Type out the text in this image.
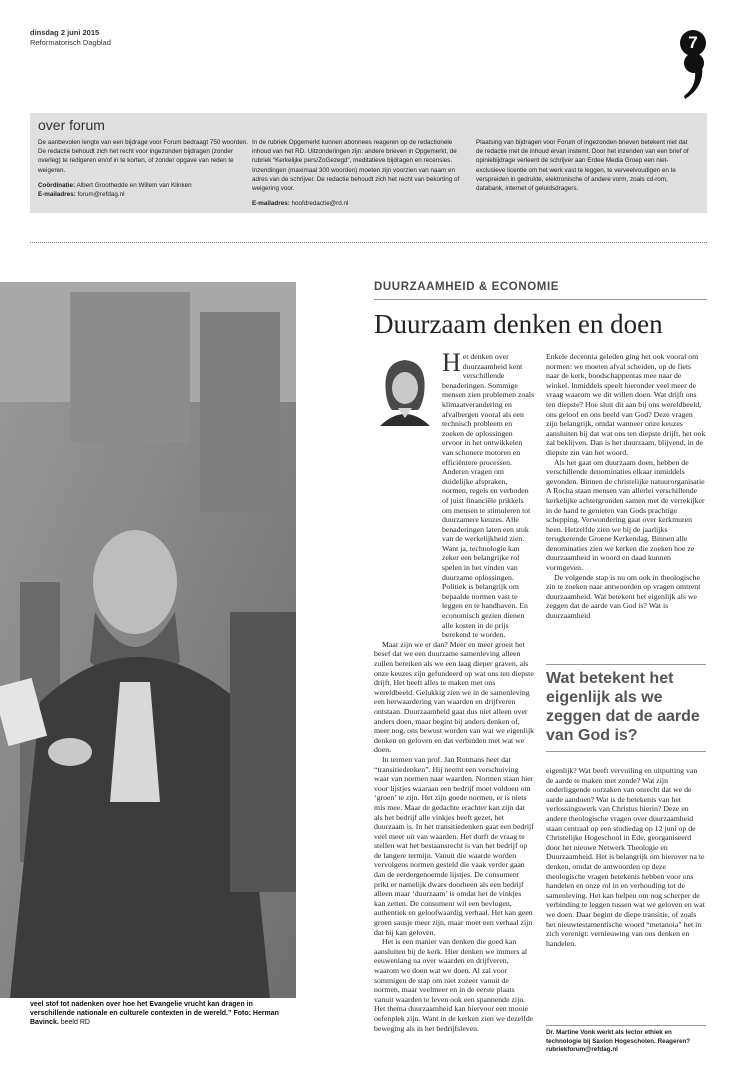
dinsdag 2 juni 2015
Reformatorisch Dagblad	7
over forum

De aanbevolen lengte van een bijdrage voor Forum bedraagt 750 woorden. De redactie behoudt zich het recht voor ingezonden bijdragen (zonder overleg) te redigeren en/of in te korten, of zonder opgave van reden te weigeren.

Coördinatie: Albert Groothedde en Willem van Klinken

E-mailadres: forum@refdag.nl

In de rubriek Opgemerkt kunnen abonnees reageren op de redactionele inhoud van het RD. Uitzonderingen zijn: andere brieven in Opgemerkt, de rubriek “Kerkelijke pers/ZoGezegd”, meditatieve bijdragen en recensies. Inzendingen (maximaal 300 woorden) moeten zijn voorzien van naam en adres van de schrijver. De redactie behoudt zich het recht van bekorting of weigering voor.

E-mailadres: hoofdredactie@rd.nl

Plaatsing van bijdragen voor Forum of ingezonden brieven betekent niet dat de redactie met de inhoud ervan instemt. Door het inzenden van een brief of opiniebijdrage verleent de schrijver aan Erdee Media Groep een niet-exclusieve licentie om het werk vast te leggen, te verveelvoudigen en te verspreiden in gedrukte, elektronische of andere vorm, zoals cd-rom, databank, internet of geluidsdragers.

veel stof tot nadenken over hoe het Evangelie vrucht kan dragen in verschillende nationale en culturele contexten in de wereld.” Foto: Herman Bavinck. beeld RD
DUURZAAMHEID & ECONOMIE
Duurzaam denken en doen

H et denken over duurzaamheid kent verschillende benaderingen. Sommige mensen zien problemen zoals klimaatverandering en afvalbergen vooral als een technisch probleem en zoeken de oplossingen ervoor in het ontwikkelen van schonere motoren en efficiëntere processen. Anderen vragen om duidelijke afspraken, normen, regels en verboden of juist financiële prikkels om mensen te stimuleren tot duurzamere keuzes. Alle benaderingen laten een stuk van de werkelijkheid zien. Want ja, technologie kan zeker een belangrijke rol spelen in het vinden van duurzame oplossingen. Politiek is belangrijk om bepaalde normen vast te leggen en te handhaven. En economisch gezien dienen alle kosten in de prijs berekend te worden.

Maar zijn we er dan? Meer en meer groeit het besef dat we een duurzame samenleving alleen zullen bereiken als we een laag dieper graven, als onze keuzes zijn gefundeerd op wat ons ten diepste drijft. Het heeft alles te maken met ons wereldbeeld. Gelukkig zien we in de samenleving een herwaardering van waarden en drijfveren ontstaan. Duurzaamheid gaat dus niet alleen over anders doen, maar begint bij anders denken of, meer nog, ons bewust worden van wat we eigenlijk denken en geloven en dat verbinden met wat we doen.

In termen van prof. Jan Rotmans heet dat “transitiedenken”. Hij neemt een verschuiving waar van normen naar waarden. Normen staan hier voor lijstjes waaraan een bedrijf moet voldoen om ‘groen’ te zijn. Het zijn goede normen, er is niets mis mee. Maar de gedachte erachter kan zijn dat als het bedrijf alle vinkjes heeft gezet, het duurzaam is. In het transitiedenken gaat een bedrijf veel meer uit van waarden. Het durft de vraag te stellen wat het bestaansrecht is van het bedrijf op de langere termijn. Vanuit die waarde worden vervolgens normen gesteld die vaak verder gaan dan de eerdergenoemde lijstjes. De consument prikt er namelijk dwars doorheen als een bedrijf alleen maar ‘duurzaam’ is omdat het de vinkjes kan zetten. De consument wil een bevlogen, authentiek en geloofwaardig verhaal. Het kan geen groen sausje meer zijn, maar moet een verhaal zijn dat hij kan geloven.

Het is een manier van denken die goed kan aansluiten bij de kerk. Hier denken we immers al eeuwenlang na over waarden en drijfveren, waarom we doen wat we doen. Al zal voor sommigen de stap om niet zozeer vanuit de normen, maar veelmeer en in de eerste plaats vanuit waarden te leven ook een spannende zijn. Het thema duurzaamheid kan hiervoor een mooie oefenplek zijn. Want in de kerken zien we dezelfde beweging als in het bedrijfsleven.

Enkele decennia geleden ging het ook vooral om normen: we moeten afval scheiden, op de fiets naar de kerk, boodschappentas mee naar de winkel. Inmiddels speelt hieronder veel meer de vraag waarom we dit willen doen. Wat drijft ons ten diepste? Hoe sluit dit aan bij ons wereldbeeld, ons geloof en ons beeld van God? Deze vragen zijn belangrijk, omdat wanneer onze keuzes aansluiten bij dat wat ons ten diepste drijft, het ook zal beklijven. Dan is het duurzaam, blijvend, in de diepste zin van het woord.

Als het gaat om duurzaam doen, hebben de verschillende denominaties elkaar inmiddels gevonden. Binnen de christelijke natuurorganisatie A Rocha staan mensen van allerlei verschillende kerkelijke achtergronden samen met de verrekijker in de hand te genieten van Gods prachtige schepping. Verwondering gaat over kerkmuren heen. Hetzelfde zien we bij de jaarlijks terugkerende Groene Kerkendag. Binnen alle denominaties zien we kerken die zoeken hoe ze duurzaamheid in woord en daad kunnen vormgeven.

De volgende stap is nu om ook in theologische zin te zoeken naar antwoorden op vragen omtrent duurzaamheid. Wat betekent het eigenlijk als we zeggen dat de aarde van God is? Wat is duurzaamheid

Wat betekent het eigenlijk als we zeggen dat de aarde van God is?

eigenlijk? Wat beeft vervuiling en uitputting van de aarde te maken met zonde? Wat zijn onderliggende oorzaken van onrecht dat we de aarde aandoen? Wat is de betekenis van het verlossingswerk van Christus hierin? Deze en andere theologische vragen over duurzaamheid staan centraal op een studiedag op 12 juni op de Christelijke Hogeschool in Ede, georganiseerd door het nieuwe Netwerk Theologie en Duurzaamheid. Het is belangrijk om hierover na te denken, omdat de antwoorden op deze theologische vragen betekenis hebben voor ons handelen en onze rol in en verhouding tot de samenleving. Het kan helpen om nog scherper de verbinding te leggen tussen wat we geloven en wat we doen. Daar begint de diepe transitie, of zoals het nieuwtestamentische woord “metanoia” het in zich verenigt: vernieuwing van ons denken en handelen.

Dr. Martine Vonk werkt als lector ethiek en technologie bij Saxion Hogescholen. Reageren? rubriekforum@refdag.nl
